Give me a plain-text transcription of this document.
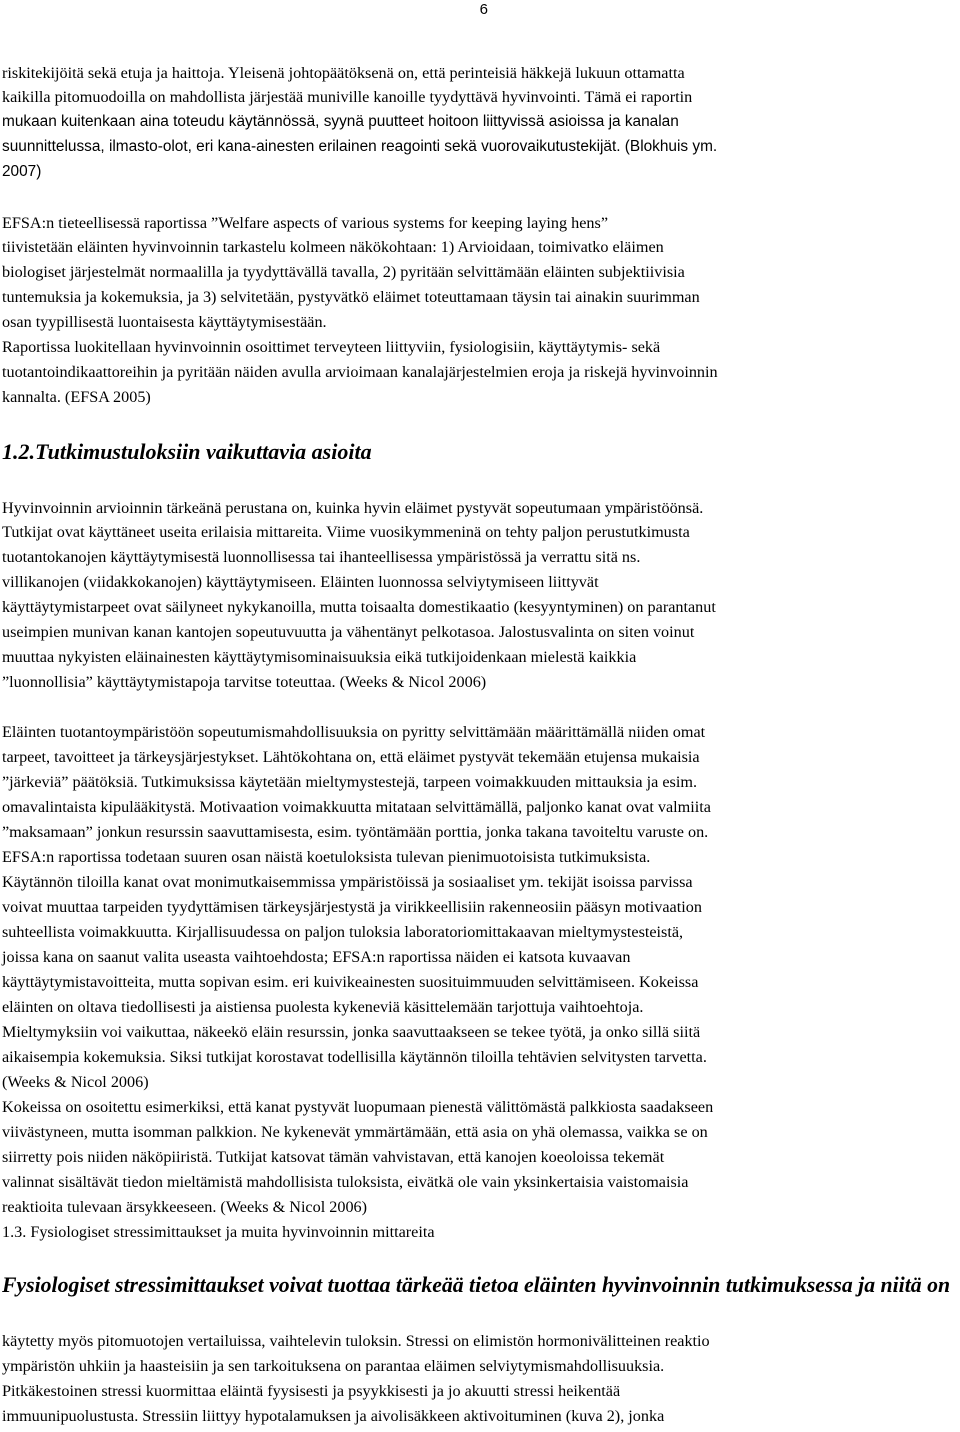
6

riskitekijöitä sekä etuja ja haittoja. Yleisenä johtopäätöksenä on, että perinteisiä häkkejä lukuun ottamatta

kaikilla pitomuodoilla on mahdollista järjestää muniville kanoille tyydyttävä hyvinvointi. Tämä ei raportin

mukaan kuitenkaan aina toteudu käytännössä, syynä puutteet hoitoon liittyvissä asioissa ja kanalan

suunnittelussa, ilmasto-olot, eri kana-ainesten erilainen reagointi sekä vuorovaikutustekijät. (Blokhuis ym.

2007)

EFSA:n tieteellisessä raportissa ”Welfare aspects of various systems for keeping laying hens”

tiivistetään eläinten hyvinvoinnin tarkastelu kolmeen näkökohtaan: 1) Arvioidaan, toimivatko eläimen

biologiset järjestelmät normaalilla ja tyydyttävällä tavalla, 2) pyritään selvittämään eläinten subjektiivisia

tuntemuksia ja kokemuksia, ja 3) selvitetään, pystyvätkö eläimet toteuttamaan täysin tai ainakin suurimman

osan tyypillisestä luontaisesta käyttäytymisestään.

Raportissa luokitellaan hyvinvoinnin osoittimet terveyteen liittyviin, fysiologisiin, käyttäytymis- sekä

tuotantoindikaattoreihin ja pyritään näiden avulla arvioimaan kanalajärjestelmien eroja ja riskejä hyvinvoinnin

kannalta. (EFSA 2005)

1.2.Tutkimustuloksiin vaikuttavia asioita

Hyvinvoinnin arvioinnin tärkeänä perustana on, kuinka hyvin eläimet pystyvät sopeutumaan ympäristöönsä.

Tutkijat ovat käyttäneet useita erilaisia mittareita. Viime vuosikymmeninä on tehty paljon perustutkimusta

tuotantokanojen käyttäytymisestä luonnollisessa tai ihanteellisessa ympäristössä ja verrattu sitä ns.

villikanojen (viidakkokanojen) käyttäytymiseen. Eläinten luonnossa selviytymiseen liittyvät

käyttäytymistarpeet ovat säilyneet nykykanoilla, mutta toisaalta domestikaatio (kesyyntyminen) on parantanut

useimpien munivan kanan kantojen sopeutuvuutta ja vähentänyt pelkotasoa. Jalostusvalinta on siten voinut

muuttaa nykyisten eläinainesten käyttäytymisominaisuuksia eikä tutkijoidenkaan mielestä kaikkia

”luonnollisia” käyttäytymistapoja tarvitse toteuttaa. (Weeks & Nicol 2006)

Eläinten tuotantoympäristöön sopeutumismahdollisuuksia on pyritty selvittämään määrittämällä niiden omat

tarpeet, tavoitteet ja tärkeysjärjestykset. Lähtökohtana on, että eläimet pystyvät tekemään etujensa mukaisia

”järkeviä” päätöksiä. Tutkimuksissa käytetään mieltymystestejä, tarpeen voimakkuuden mittauksia ja esim.

omavalintaista kipulääkitystä. Motivaation voimakkuutta mitataan selvittämällä, paljonko kanat ovat valmiita

”maksamaan” jonkun resurssin saavuttamisesta, esim. työntämään porttia, jonka takana tavoiteltu varuste on.

EFSA:n raportissa todetaan suuren osan näistä koetuloksista tulevan pienimuotoisista tutkimuksista.

Käytännön tiloilla kanat ovat monimutkaisemmissa ympäristöissä ja sosiaaliset ym. tekijät isoissa parvissa

voivat muuttaa tarpeiden tyydyttämisen tärkeysjärjestystä ja virikkeellisiin rakenneosiin pääsyn motivaation

suhteellista voimakkuutta. Kirjallisuudessa on paljon tuloksia laboratoriomittakaavan mieltymystesteistä,

joissa kana on saanut valita useasta vaihtoehdosta; EFSA:n raportissa näiden ei katsota kuvaavan

käyttäytymistavoitteita, mutta sopivan esim. eri kuivikeainesten suosituimmuuden selvittämiseen. Kokeissa

eläinten on oltava tiedollisesti ja aistiensa puolesta kykeneviä käsittelemään tarjottuja vaihtoehtoja.

Mieltymyksiin voi vaikuttaa, näkeekö eläin resurssin, jonka saavuttaakseen se tekee työtä, ja onko sillä siitä

aikaisempia kokemuksia. Siksi tutkijat korostavat todellisilla käytännön tiloilla tehtävien selvitysten tarvetta.

(Weeks & Nicol 2006)

Kokeissa on osoitettu esimerkiksi, että kanat pystyvät luopumaan pienestä välittömästä palkkiosta saadakseen

viivästyneen, mutta isomman palkkion. Ne kykenevät ymmärtämään, että asia on yhä olemassa, vaikka se on

siirretty pois niiden näköpiiristä. Tutkijat katsovat tämän vahvistavan, että kanojen koeoloissa tekemät

valinnat sisältävät tiedon mieltämistä mahdollisista tuloksista, eivätkä ole vain yksinkertaisia vaistomaisia

reaktioita tulevaan ärsykkeeseen. (Weeks & Nicol 2006)

1.3. Fysiologiset stressimittaukset ja muita hyvinvoinnin mittareita

Fysiologiset stressimittaukset voivat tuottaa tärkeää tietoa eläinten hyvinvoinnin tutkimuksessa ja niitä on

käytetty myös pitomuotojen vertailuissa, vaihtelevin tuloksin. Stressi on elimistön hormonivälitteinen reaktio

ympäristön uhkiin ja haasteisiin ja sen tarkoituksena on parantaa eläimen selviytymismahdollisuuksia.

Pitkäkestoinen stressi kuormittaa eläintä fyysisesti ja psyykkisesti ja jo akuutti stressi heikentää

immuunipuolustusta. Stressiin liittyy hypotalamuksen ja aivolisäkkeen aktivoituminen (kuva 2), jonka
